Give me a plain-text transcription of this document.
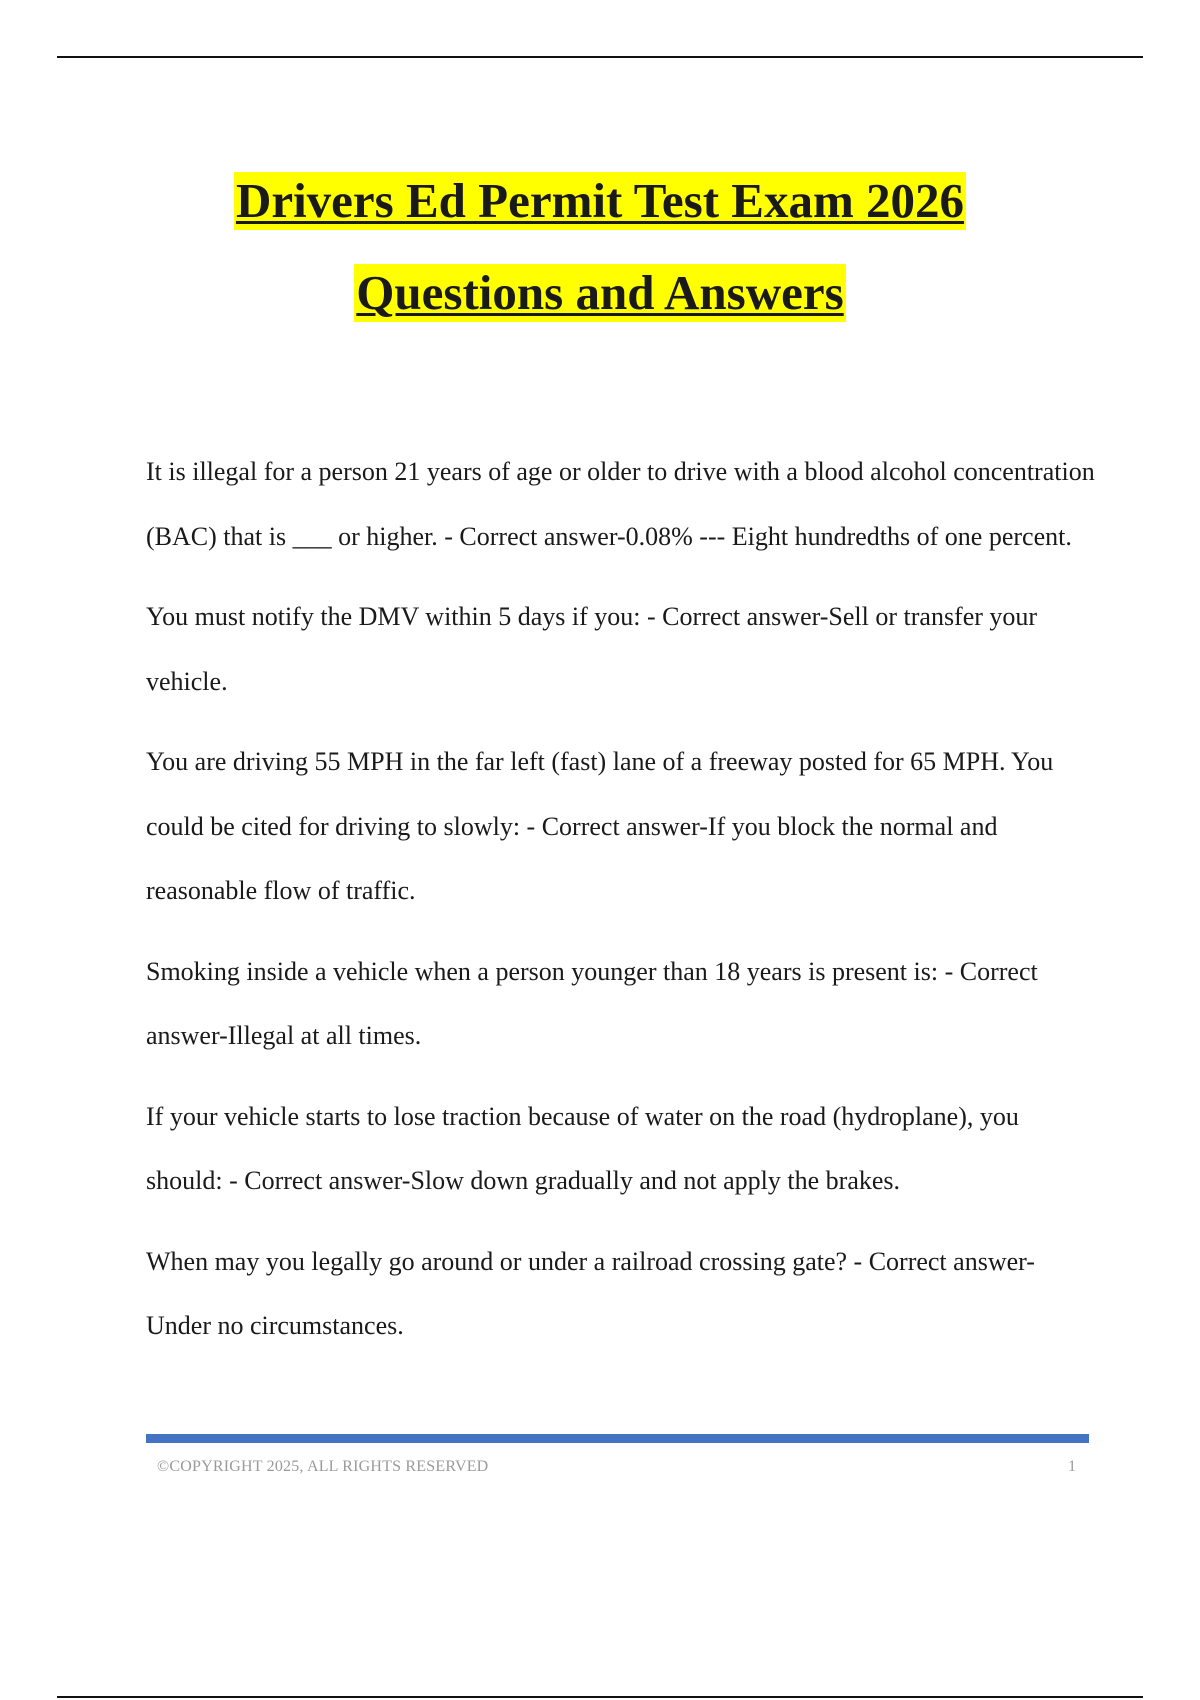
Drivers Ed Permit Test Exam 2026
Questions and Answers

It is illegal for a person 21 years of age or older to drive with a blood alcohol concentration (BAC) that is ___ or higher. - Correct answer-0.08% --- Eight hundredths of one percent.

You must notify the DMV within 5 days if you: - Correct answer-Sell or transfer your vehicle.

You are driving 55 MPH in the far left (fast) lane of a freeway posted for 65 MPH. You could be cited for driving to slowly: - Correct answer-If you block the normal and reasonable flow of traffic.

Smoking inside a vehicle when a person younger than 18 years is present is: - Correct answer-Illegal at all times.

If your vehicle starts to lose traction because of water on the road (hydroplane), you should: - Correct answer-Slow down gradually and not apply the brakes.

When may you legally go around or under a railroad crossing gate? - Correct answer-Under no circumstances.

©COPYRIGHT 2025, ALL RIGHTS RESERVED	1
